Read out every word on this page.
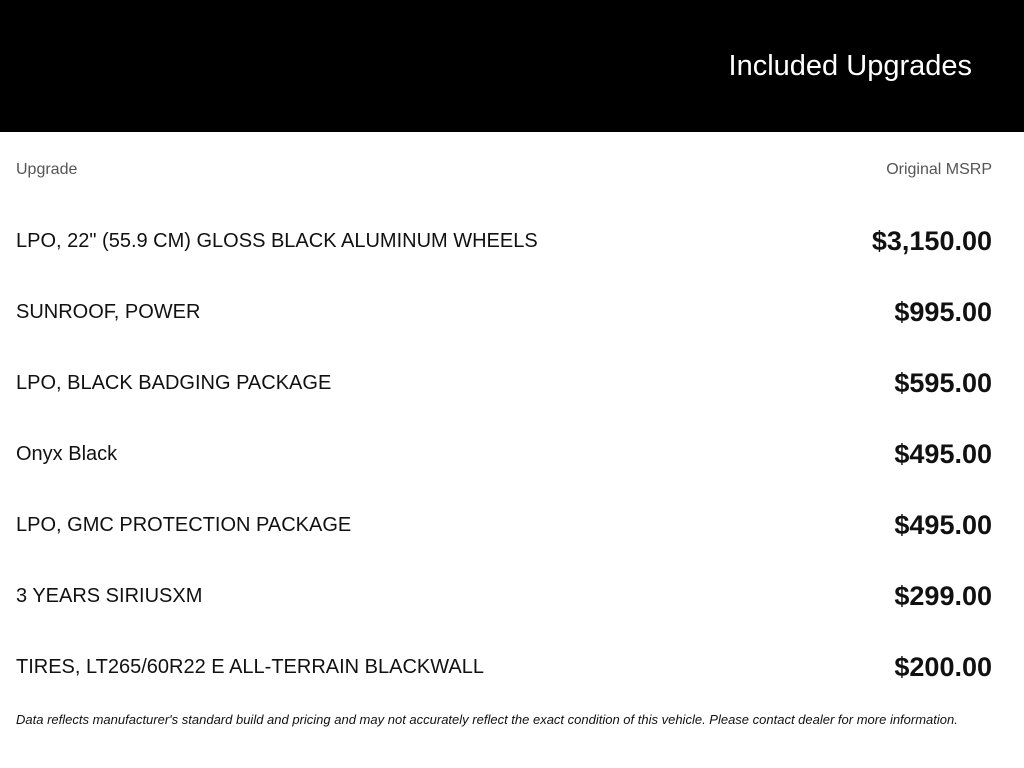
Included Upgrades
Upgrade	Original MSRP
LPO, 22" (55.9 CM) GLOSS BLACK ALUMINUM WHEELS	$3,150.00
SUNROOF, POWER	$995.00
LPO, BLACK BADGING PACKAGE	$595.00
Onyx Black	$495.00
LPO, GMC PROTECTION PACKAGE	$495.00
3 YEARS SIRIUSXM	$299.00
TIRES, LT265/60R22 E ALL-TERRAIN BLACKWALL	$200.00
Data reflects manufacturer's standard build and pricing and may not accurately reflect the exact condition of this vehicle. Please contact dealer for more information.
